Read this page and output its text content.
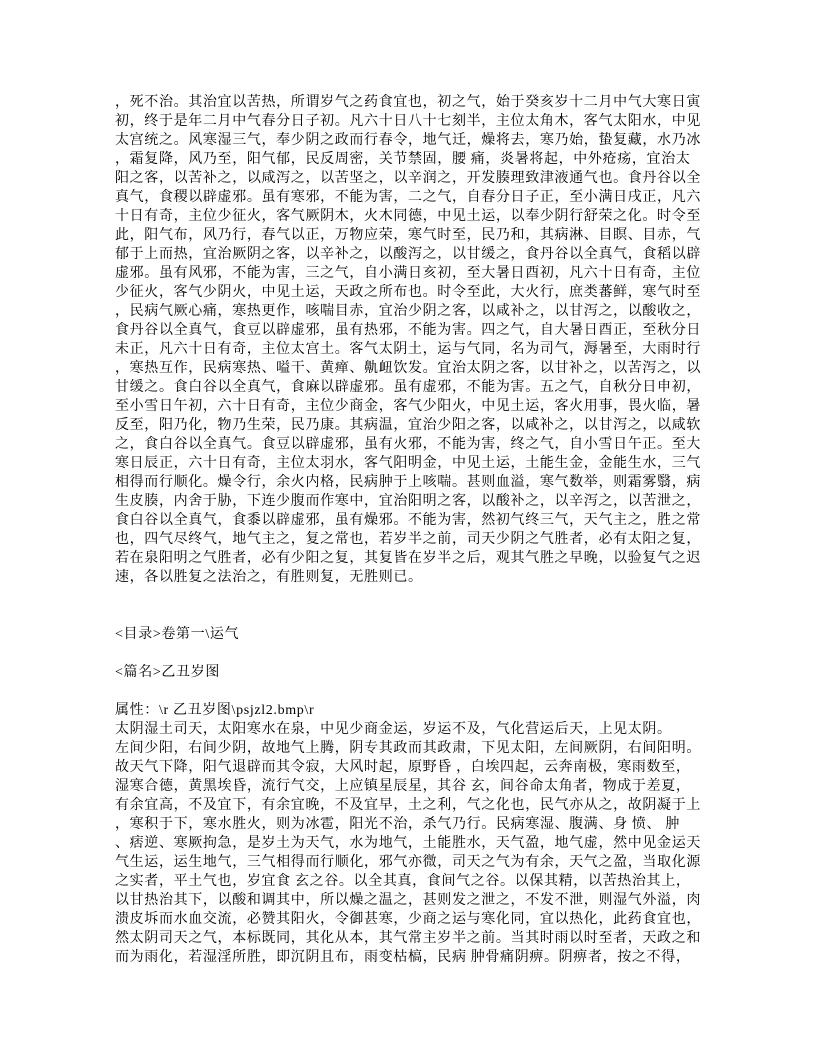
，死不治。其治宜以苦热，所谓岁气之药食宜也，初之气，始于癸亥岁十二月中气大寒日寅
初，终于是年二月中气春分日子初。凡六十日八十七刻半，主位太角木，客气太阳水，中见
太宫统之。风寒湿三气，奉少阴之政而行春令，地气迁，燥将去，寒乃始，蛰复藏，水乃冰
，霜复降，风乃至，阳气郁，民反周密，关节禁固，腰 痛，炎暑将起，中外疮疡，宜治太
阳之客，以苦补之，以咸泻之，以苦坚之，以辛润之，开发腠理致津液通气也。食丹谷以全
真气，食稷以辟虚邪。虽有寒邪，不能为害，二之气，自春分日子正，至小满日戌正，凡六
十日有奇，主位少征火，客气厥阴木，火木同德，中见土运，以奉少阴行舒荣之化。时令至
此，阳气布，风乃行，春气以正，万物应荣，寒气时至，民乃和，其病淋、目瞑、目赤，气
郁于上而热，宜治厥阴之客，以辛补之，以酸泻之，以甘缓之，食丹谷以全真气，食稻以辟
虚邪。虽有风邪，不能为害，三之气，自小满日亥初，至大暑日酉初，凡六十日有奇，主位
少征火，客气少阴火，中见土运，天政之所布也。时令至此，大火行，庶类蕃鲜，寒气时至
，民病气厥心痛，寒热更作，咳喘目赤，宜治少阴之客，以咸补之，以甘泻之，以酸收之，
食丹谷以全真气，食豆以辟虚邪，虽有热邪，不能为害。四之气，自大暑日酉正，至秋分日
未正，凡六十日有奇，主位太宫土。客气太阴土，运与气同，名为司气，溽暑至，大雨时行
，寒热互作，民病寒热、嗌干、黄瘅、鼽衄饮发。宜治太阴之客，以甘补之，以苦泻之，以
甘缓之。食白谷以全真气，食麻以辟虚邪。虽有虚邪，不能为害。五之气，自秋分日申初，
至小雪日午初，六十日有奇，主位少商金，客气少阳火，中见土运，客火用事，畏火临，暑
反至，阳乃化，物乃生荣，民乃康。其病温，宜治少阳之客，以咸补之，以甘泻之，以咸软
之，食白谷以全真气。食豆以辟虚邪，虽有火邪，不能为害，终之气，自小雪日午正。至大
寒日辰正，六十日有奇，主位太羽水，客气阳明金，中见土运，土能生金，金能生水，三气
相得而行顺化。燥令行，余火内格，民病肿于上咳喘。甚则血溢，寒气数举，则霜雾翳，病
生皮腠，内舍于胁，下连少腹而作寒中，宜治阳明之客，以酸补之，以辛泻之，以苦泄之，
食白谷以全真气，食黍以辟虚邪，虽有燥邪。不能为害，然初气终三气，天气主之，胜之常
也，四气尽终气，地气主之，复之常也，若岁半之前，司天少阴之气胜者，必有太阳之复，
若在泉阳明之气胜者，必有少阳之复，其复皆在岁半之后，观其气胜之早晚，以验复气之迟
速，各以胜复之法治之，有胜则复，无胜则已。
<目录>卷第一\运气
<篇名>乙丑岁图
属性：\r 乙丑岁图\psjzl2.bmp\r
太阴湿土司天，太阳寒水在泉，中见少商金运，岁运不及，气化营运后天，上见太阴。
左间少阳，右间少阴，故地气上腾，阴专其政而其政肃，下见太阳，左间厥阴，右间阳明。
故天气下降，阳气退辟而其令寂，大风时起，原野昏 ，白埃四起，云奔南极，寒雨数至，
湿寒合德，黄黑埃昏，流行气交，上应镇星辰星，其谷 玄，间谷命太角者，物成于差夏，
有余宜高，不及宜下，有余宜晚，不及宜早，土之利，气之化也，民气亦从之，故阴凝于上
，寒积于下，寒水胜火，则为冰雹，阳光不治，杀气乃行。民病寒湿、腹满、身 愤、 肿
、痞逆、寒厥拘急，是岁土为天气，水为地气，土能胜水，天气盈，地气虚，然中见金运天
气生运，运生地气，三气相得而行顺化，邪气亦微，司天之气为有余，天气之盈，当取化源
之实者，平土气也，岁宜食 玄之谷。以全其真，食间气之谷。以保其精，以苦热治其上，
以甘热治其下，以酸和调其中，所以燥之温之，甚则发之泄之，不发不泄，则湿气外溢，肉
溃皮坼而水血交流，必赞其阳火，令御甚寒，少商之运与寒化同，宜以热化，此药食宜也，
然太阴司天之气，本标既同，其化从本，其气常主岁半之前。当其时雨以时至者，天政之和
而为雨化，若湿淫所胜，即沉阴且布，雨变枯槁，民病 肿骨痛阴痹。阴痹者，按之不得，
